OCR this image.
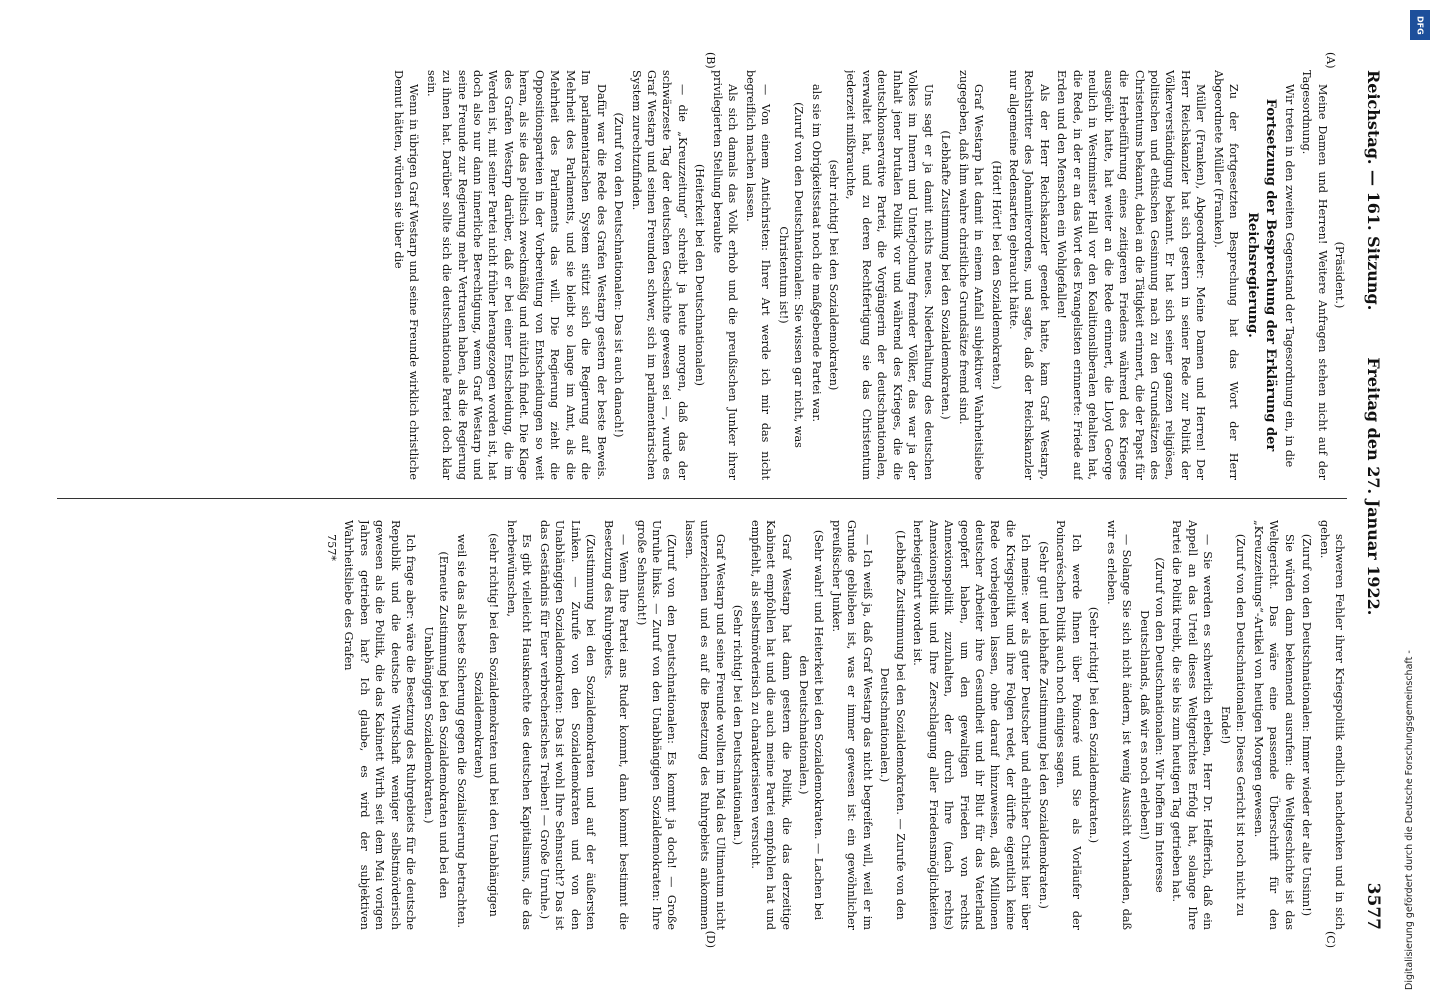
Reichstag. — 161. Sitzung.
Freitag den 27. Januar 1922.                                                3577
(A)
(B)
(C)
(D)

(Präsident.)

Meine Damen und Herren! Weitere Anfragen stehen nicht auf der Tagesordnung.

Wir treten in den zweiten Gegenstand der Tagesordnung ein, in die

Fortsetzung der Besprechung der Erklärung der Reichsregierung.

Zu der fortgesetzten Besprechung hat das Wort der Herr Abgeordnete Müller (Franken).

Müller (Franken), Abgeordneter: Meine Damen und Herren! Der Herr Reichskanzler hat sich gestern in seiner Rede zur Politik der Völkerverständigung bekannt. Er hat sich seiner ganzen religiösen, politischen und ethischen Gesinnung nach zu den Grundsätzen des Christentums bekannt, dabei an die Tätigkeit erinnert, die der Papst für die Herbeiführung eines zeitigeren Friedens während des Krieges ausgeübt hatte, hat weiter an die Rede erinnert, die Lloyd George neulich in Westminster Hall vor den Koalitionsliberalen gehalten hat, die Rede, in der er an das Wort des Evangelisten erinnerte: Friede auf Erden und den Menschen ein Wohlgefallen!

Als der Herr Reichskanzler geendet hatte, kam Graf Westarp, Rechtsritter des Johanniterordens, und sagte, daß der Reichskanzler nur allgemeine Redensarten gebraucht hätte.

(Hört! Hört! bei den Sozialdemokraten.)

Graf Westarp hat damit in einem Anfall subjektiver Wahrheitsliebe zugegeben, daß ihm wahre christliche Grundsätze fremd sind.

(Lebhafte Zustimmung bei den Sozialdemokraten.)

Uns sagt er ja damit nichts neues. Niederhaltung des deutschen Volkes im Innern und Unterjochung fremder Völker, das war ja der Inhalt jener brutalen Politik vor und während des Krieges, die die deutschkonservative Partei, die Vorgängerin der deutschnationalen, verwaltet hat, und zu deren Rechtfertigung sie das Christentum jederzeit mißbrauchte,

(sehr richtig! bei den Sozialdemokraten)

als sie im Obrigkeitsstaat noch die maßgebende Partei war.

(Zuruf von den Deutschnationalen: Sie wissen gar nicht, was Christentum ist!)

— Von einem Antichristen: Ihrer Art werde ich mir das nicht begreiflich machen lassen.

Als sich damals das Volk erhob und die preußischen Junker ihrer privilegierten Stellung beraubte

(Heiterkeit bei den Deutschnationalen)

— die „Kreuzzeitung“ schreibt ja heute morgen, daß das der schwärzeste Tag der deutschen Geschichte gewesen sei —, wurde es Graf Westarp und seinen Freunden schwer, sich im parlamentarischen System zurechtzufinden.

(Zuruf von den Deutschnationalen: Das ist auch danach!)

Dafür war die Rede des Grafen Westarp gestern der beste Beweis. Im parlamentarischen System stützt sich die Regierung auf die Mehrheit des Parlaments, und sie bleibt so lange im Amt, als die Mehrheit des Parlaments das will. Die Regierung zieht die Oppositionsparteien in der Vorbereitung von Entscheidungen so weit heran, als sie das politisch zweckmäßig und nützlich findet. Die Klage des Grafen Westarp darüber, daß er bei einer Entscheidung, die im Werden ist, mit seiner Partei nicht früher herangezogen worden ist, hat doch also nur dann innerliche Berechtigung, wenn Graf Westarp und seine Freunde zur Regierung mehr Vertrauen haben, als die Regierung zu ihnen hat. Darüber sollte sich die deutschnationale Partei doch klar sein.

Wenn in übrigen Graf Westarp und seine Freunde wirklich christliche Demut hätten, würden sie über die

schweren Fehler ihrer Kriegspolitik endlich nachdenken und in sich gehen.

(Zuruf von den Deutschnationalen: Immer wieder der alte Unsinn!)

Sie würden dann bekennend ausrufen: die Weltgeschichte ist das Weltgericht. Das wäre eine passende Überschrift für den „Kreuzzeitungs“-Artikel von heutigen Morgen gewesen.

(Zuruf von den Deutschnationalen: Dieses Gericht ist noch nicht zu Ende!)

— Sie werden es schwerlich erleben, Herr Dr. Helfferich, daß ein Appell an das Urteil dieses Weltgerichtes Erfolg hat, solange Ihre Partei die Politik treibt, die sie bis zum heutigen Tag getrieben hat.

(Zuruf von den Deutschnationalen: Wir hoffen im Interesse Deutschlands, daß wir es noch erleben!)

— Solange Sie sich nicht ändern, ist wenig Aussicht vorhanden, daß wir es erleben.

(Sehr richtig! bei den Sozialdemokraten.)

Ich werde Ihnen über Poincaré und Sie als Vorläufer der Poincaréschen Politik auch noch einiges sagen.

(Sehr gut! und lebhafte Zustimmung bei den Sozialdemokraten.)

Ich meine: wer als guter Deutscher und ehrlicher Christ hier über die Kriegspolitik und ihre Folgen redet, der dürfte eigentlich keine Rede vorbeigehen lassen, ohne darauf hinzuweisen, daß Millionen deutscher Arbeiter ihre Gesundheit und ihr Blut für das Vaterland geopfert haben, um den gewaltigen Frieden von rechts Annexionspolitik zuzuhalten, der durch Ihre (nach rechts) Annexionspolitik und Ihre Zerschlagung aller Friedensmöglichkeiten herbeigeführt worden ist.

(Lebhafte Zustimmung bei den Sozialdemokraten. — Zurufe von den Deutschnationalen.)

— Ich weiß ja, daß Graf Westarp das nicht begreifen will, weil er im Grunde geblieben ist, was er immer gewesen ist: ein gewöhnlicher preußischer Junker.

(Sehr wahr! und Heiterkeit bei den Sozialdemokraten. — Lachen bei den Deutschnationalen.)

Graf Westarp hat dann gestern die Politik, die das derzeitige Kabinett empfohlen hat und die auch meine Partei empfohlen hat und empfiehlt, als selbstmörderisch zu charakterisieren versucht.

(Sehr richtig! bei den Deutschnationalen.)

Graf Westarp und seine Freunde wollten im Mai das Ultimatum nicht unterzeichnen und es auf die Besetzung des Ruhrgebiets ankommen lassen.

(Zuruf von den Deutschnationalen: Es kommt ja doch! — Große Unruhe links. — Zuruf von den Unabhängigen Sozialdemokraten: Ihre große Sehnsucht!)

— Wenn Ihre Partei ans Ruder kommt, dann kommt bestimmt die Besetzung des Ruhrgebiets.

(Zustimmung bei den Sozialdemokraten und auf der äußersten Linken. — Zurufe von den Sozialdemokraten und von den Unabhängigen Sozialdemokraten: Das ist wohl Ihre Sehnsucht? Das ist das Geständnis für Euer verbrecherisches Treiben! — Große Unruhe.)

Es gibt vielleicht Hausknechte des deutschen Kapitalismus, die das herbeiwünschen,

(sehr richtig! bei den Sozialdemokraten und bei den Unabhängigen Sozialdemokraten)

weil sie das als beste Sicherung gegen die Sozialisierung betrachten.

(Erneute Zustimmung bei den Sozialdemokraten und bei den Unabhängigen Sozialdemokraten.)

Ich frage aber: wäre die Besetzung des Ruhrgebiets für die deutsche Republik und die deutsche Wirtschaft weniger selbstmörderisch gewesen als die Politik, die das Kabinett Wirth seit dem Mai vorigen Jahres getrieben hat? Ich glaube, es wird der subjektiven Wahrheitsliebe des Grafen

757*

Digitalisierung gefördert durch die Deutsche Forschungsgemeinschaft -
DFG
